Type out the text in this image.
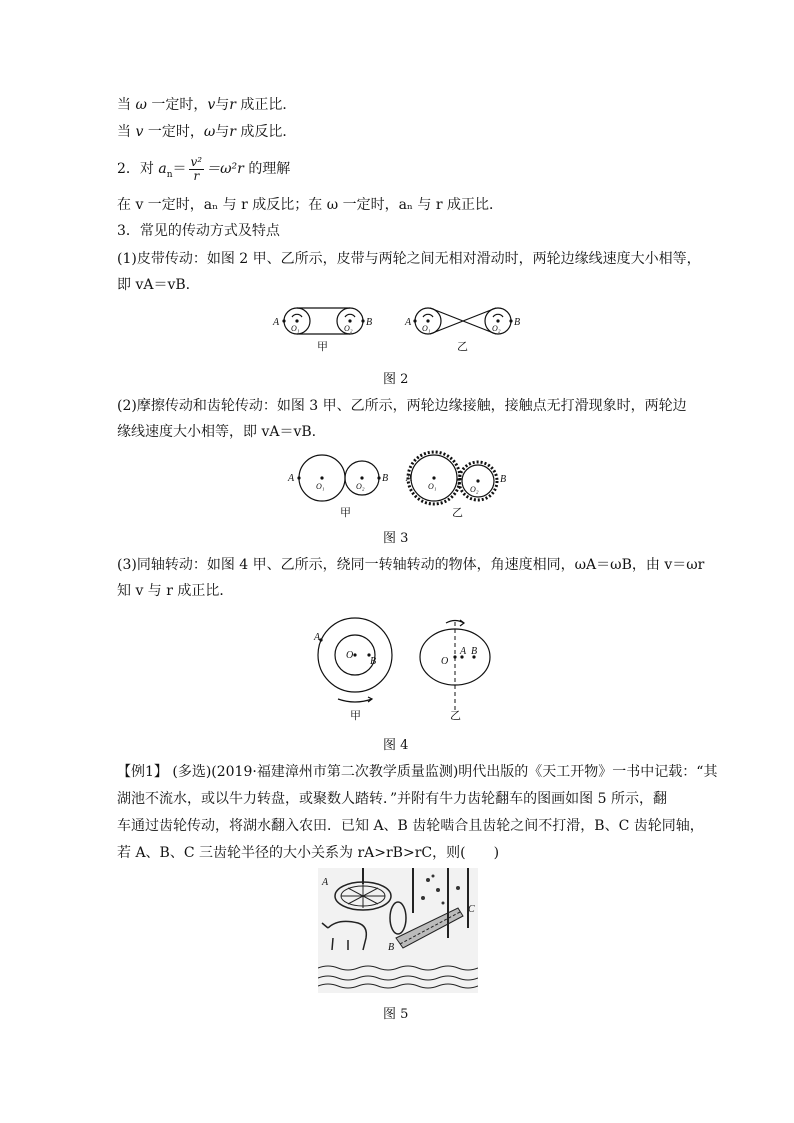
当 ω 一定时，v与r 成正比．
当 v 一定时，ω与r 成反比．
2．对 $a_n= \frac{\text{v²}}{r} =\omega^2r$ 的理解
在 v 一定时，aₙ 与 r 成反比；在 ω 一定时，aₙ 与 r 成正比．
3．常见的传动方式及特点
(1)皮带传动：如图 2 甲、乙所示，皮带与两轮之间无相对滑动时，两轮边缘线速度大小相等，
即 vA＝vB.
A	B	A	B
O₁	O₂	O₁	O₂
甲	乙
图 2
(2)摩擦传动和齿轮传动：如图 3 甲、乙所示，两轮边缘接触，接触点无打滑现象时，两轮边
缘线速度大小相等，即 vA＝vB.
A	B A	B
O₁	O₂	O₁	O₂
甲	乙
图 3
(3)同轴转动：如图 4 甲、乙所示，绕同一转轴转动的物体，角速度相同，ωA＝ωB，由 v＝ωr
知 v 与 r 成正比．
A
B
O
O
A B
甲	乙
图 4
【例1】 (多选)(2019·福建漳州市第二次教学质量监测)明代出版的《天工开物》一书中记载：“其
湖池不流水，或以牛力转盘，或聚数人踏转．”并附有牛力齿轮翻车的图画如图 5 所示，翻
车通过齿轮传动，将湖水翻入农田．已知 A、B 齿轮啮合且齿轮之间不打滑，B、C 齿轮同轴，
若 A、B、C 三齿轮半径的大小关系为 rA>rB>rC，则(　　)
A
B
C
图 5
